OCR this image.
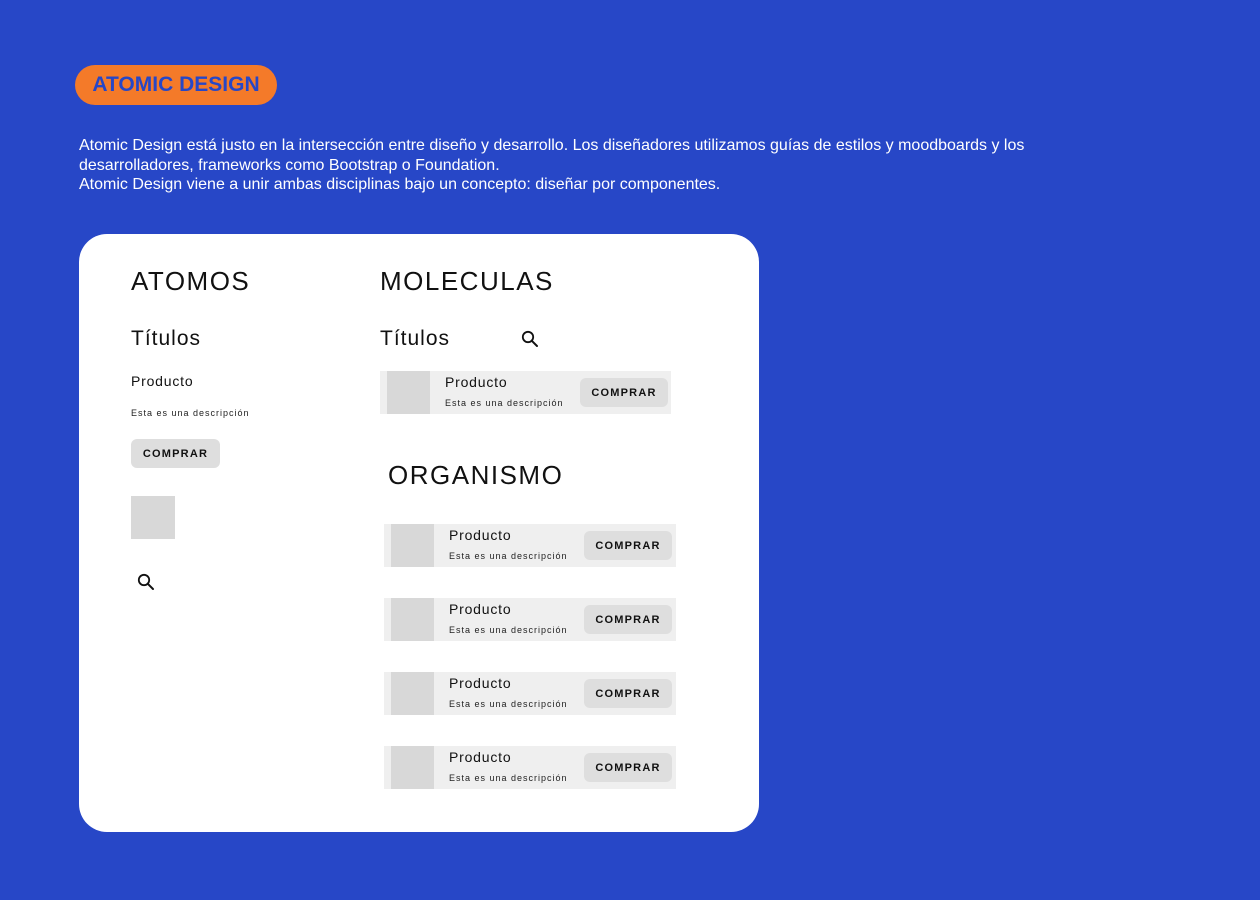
ATOMIC DESIGN

Atomic Design está justo en la intersección entre diseño y desarrollo. Los diseñadores utilizamos guías de estilos y moodboards y los desarrolladores, frameworks como Bootstrap o Foundation.

Atomic Design viene a unir ambas disciplinas bajo un concepto: diseñar por componentes.

ATOMOS
Títulos
Producto
Esta es una descripción
COMPRAR
MOLECULAS
Títulos
Producto
Esta es una descripción
COMPRAR
ORGANISMO
Producto
Esta es una descripción
COMPRAR
Producto
Esta es una descripción
COMPRAR
Producto
Esta es una descripción
COMPRAR
Producto
Esta es una descripción
COMPRAR
